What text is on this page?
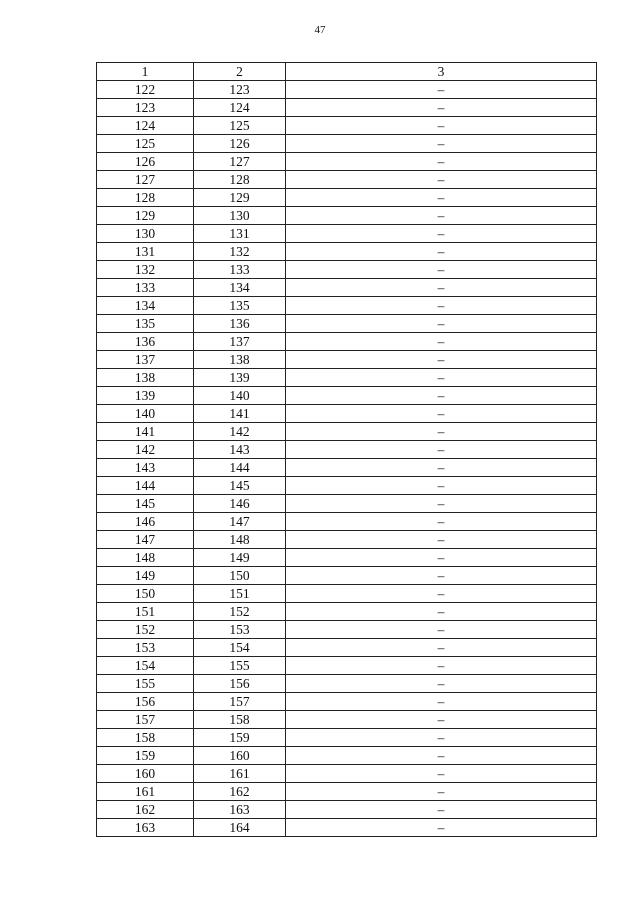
47
1	2	3
122	123	–
123	124	–
124	125	–
125	126	–
126	127	–
127	128	–
128	129	–
129	130	–
130	131	–
131	132	–
132	133	–
133	134	–
134	135	–
135	136	–
136	137	–
137	138	–
138	139	–
139	140	–
140	141	–
141	142	–
142	143	–
143	144	–
144	145	–
145	146	–
146	147	–
147	148	–
148	149	–
149	150	–
150	151	–
151	152	–
152	153	–
153	154	–
154	155	–
155	156	–
156	157	–
157	158	–
158	159	–
159	160	–
160	161	–
161	162	–
162	163	–
163	164	–
